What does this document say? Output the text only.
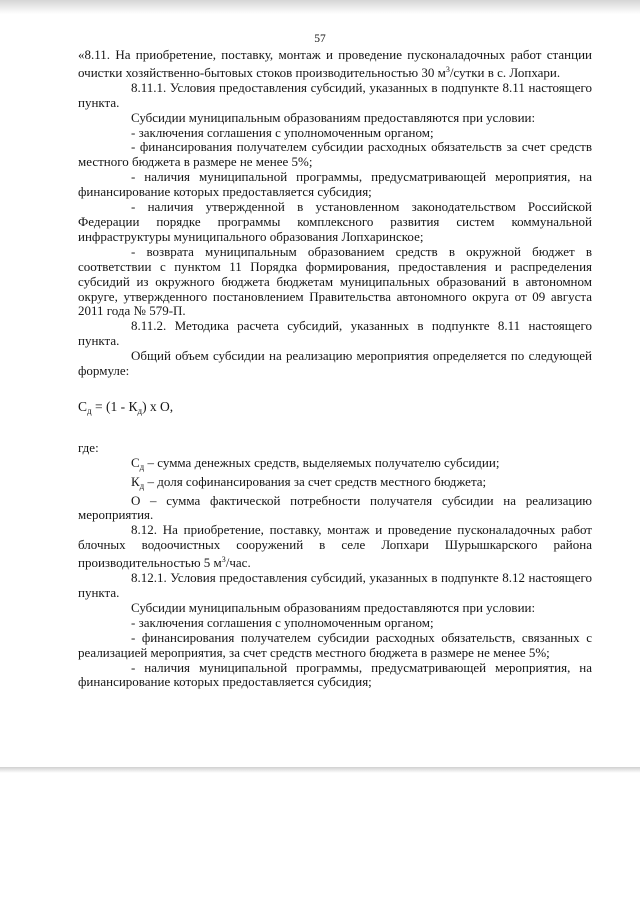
57

«8.11. На приобретение, поставку, монтаж и проведение пусконаладочных работ станции очистки хозяйственно-бытовых стоков производительностью 30 $м^3$/сутки в с. Лопхари.

8.11.1. Условия предоставления субсидий, указанных в подпункте 8.11 настоящего пункта.

Субсидии муниципальным образованиям предоставляются при условии:

- заключения соглашения с уполномоченным органом;

- финансирования получателем субсидии расходных обязательств за счет средств местного бюджета в размере не менее 5%;

- наличия муниципальной программы, предусматривающей мероприятия, на финансирование которых предоставляется субсидия;

- наличия утвержденной в установленном законодательством Российской Федерации порядке программы комплексного развития систем коммунальной инфраструктуры муниципального образования Лопхаринское;

- возврата муниципальным образованием средств в окружной бюджет в соответствии с пунктом 11 Порядка формирования, предоставления и распределения субсидий из окружного бюджета бюджетам муниципальных образований в автономном округе, утвержденного постановлением Правительства автономного округа от 09 августа 2011 года № 579-П.

8.11.2. Методика расчета субсидий, указанных в подпункте 8.11 настоящего пункта.

Общий объем субсидии на реализацию мероприятия определяется по следующей формуле:

$С_д = (1 - К_д)$ х О,

где:

$С_д$ – сумма денежных средств, выделяемых получателю субсидии;

$К_д$ – доля софинансирования за счет средств местного бюджета;

О – сумма фактической потребности получателя субсидии на реализацию мероприятия.

8.12. На приобретение, поставку, монтаж и проведение пусконаладочных работ блочных водоочистных сооружений в селе Лопхари Шурышкарского района производительностью 5 $м^3$/час.

8.12.1. Условия предоставления субсидий, указанных в подпункте 8.12 настоящего пункта.

Субсидии муниципальным образованиям предоставляются при условии:

- заключения соглашения с уполномоченным органом;

- финансирования получателем субсидии расходных обязательств, связанных с реализацией мероприятия, за счет средств местного бюджета в размере не менее 5%;

- наличия муниципальной программы, предусматривающей мероприятия, на финансирование которых предоставляется субсидия;
